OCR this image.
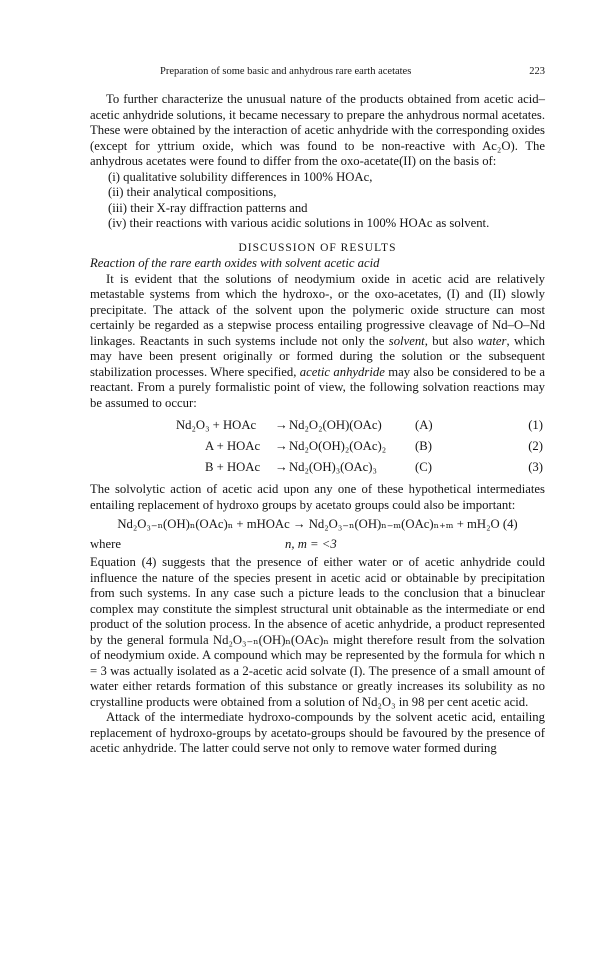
Preparation of some basic and anhydrous rare earth acetates	223

To further characterize the unusual nature of the products obtained from acetic acid–acetic anhydride solutions, it became necessary to prepare the anhydrous normal acetates. These were obtained by the interaction of acetic anhydride with the corresponding oxides (except for yttrium oxide, which was found to be non-reactive with Ac₂O). The anhydrous acetates were found to differ from the oxo-acetate(II) on the basis of:

(i) qualitative solubility differences in 100% HOAc,
(ii) their analytical compositions,
(iii) their X-ray diffraction patterns and
(iv) their reactions with various acidic solutions in 100% HOAc as solvent.
DISCUSSION OF RESULTS
Reaction of the rare earth oxides with solvent acetic acid

It is evident that the solutions of neodymium oxide in acetic acid are relatively metastable systems from which the hydroxo-, or the oxo-acetates, (I) and (II) slowly precipitate. The attack of the solvent upon the polymeric oxide structure can most certainly be regarded as a stepwise process entailing progressive cleavage of Nd–O–Nd linkages. Reactants in such systems include not only the solvent, but also water, which may have been present originally or formed during the solution or the subsequent stabilization processes. Where specified, acetic anhydride may also be considered to be a reactant. From a purely formalistic point of view, the following solvation reactions may be assumed to occur:

Nd₂O₃ + HOAc → Nd₂O₂(OH)(OAc)	(A)	(1)
A + HOAc → Nd₂O(OH)₂(OAc)₂ (B)	(2)
B + HOAc → Nd₂(OH)₃(OAc)₃	(C)	(3)

The solvolytic action of acetic acid upon any one of these hypothetical intermediates entailing replacement of hydroxo groups by acetato groups could also be important:

Nd₂O₃₋ₙ(OH)ₙ(OAc)ₙ + mHOAc → Nd₂O₃₋ₙ(OH)ₙ₋ₘ(OAc)ₙ₊ₘ + mH₂O (4)
where	n, m = <3

Equation (4) suggests that the presence of either water or of acetic anhydride could influence the nature of the species present in acetic acid or obtainable by precipitation from such systems. In any case such a picture leads to the conclusion that a binuclear complex may constitute the simplest structural unit obtainable as the intermediate or end product of the solution process. In the absence of acetic anhydride, a product represented by the general formula Nd₂O₃₋ₙ(OH)ₙ(OAc)ₙ might therefore result from the solvation of neodymium oxide. A compound which may be represented by the formula for which n = 3 was actually isolated as a 2-acetic acid solvate (I). The presence of a small amount of water either retards formation of this substance or greatly increases its solubility as no crystalline products were obtained from a solution of Nd₂O₃ in 98 per cent acetic acid.

Attack of the intermediate hydroxo-compounds by the solvent acetic acid, entailing replacement of hydroxo-groups by acetato-groups should be favoured by the presence of acetic anhydride. The latter could serve not only to remove water formed during
